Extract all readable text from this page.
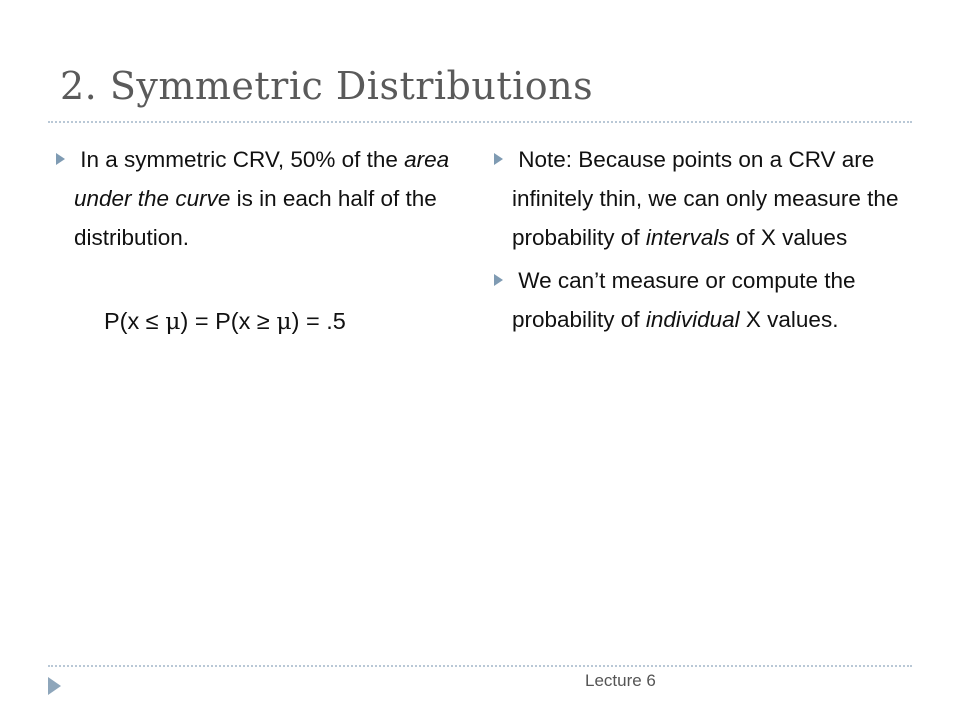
2. Symmetric Distributions
In a symmetric CRV, 50% of the area under the curve is in each half of the distribution.
P(x ≤ μ) = P(x ≥ μ) = .5
Note: Because points on a CRV are infinitely thin, we can only measure the probability of intervals of X values
We can’t measure or compute the probability of individual X values.
Lecture 6
